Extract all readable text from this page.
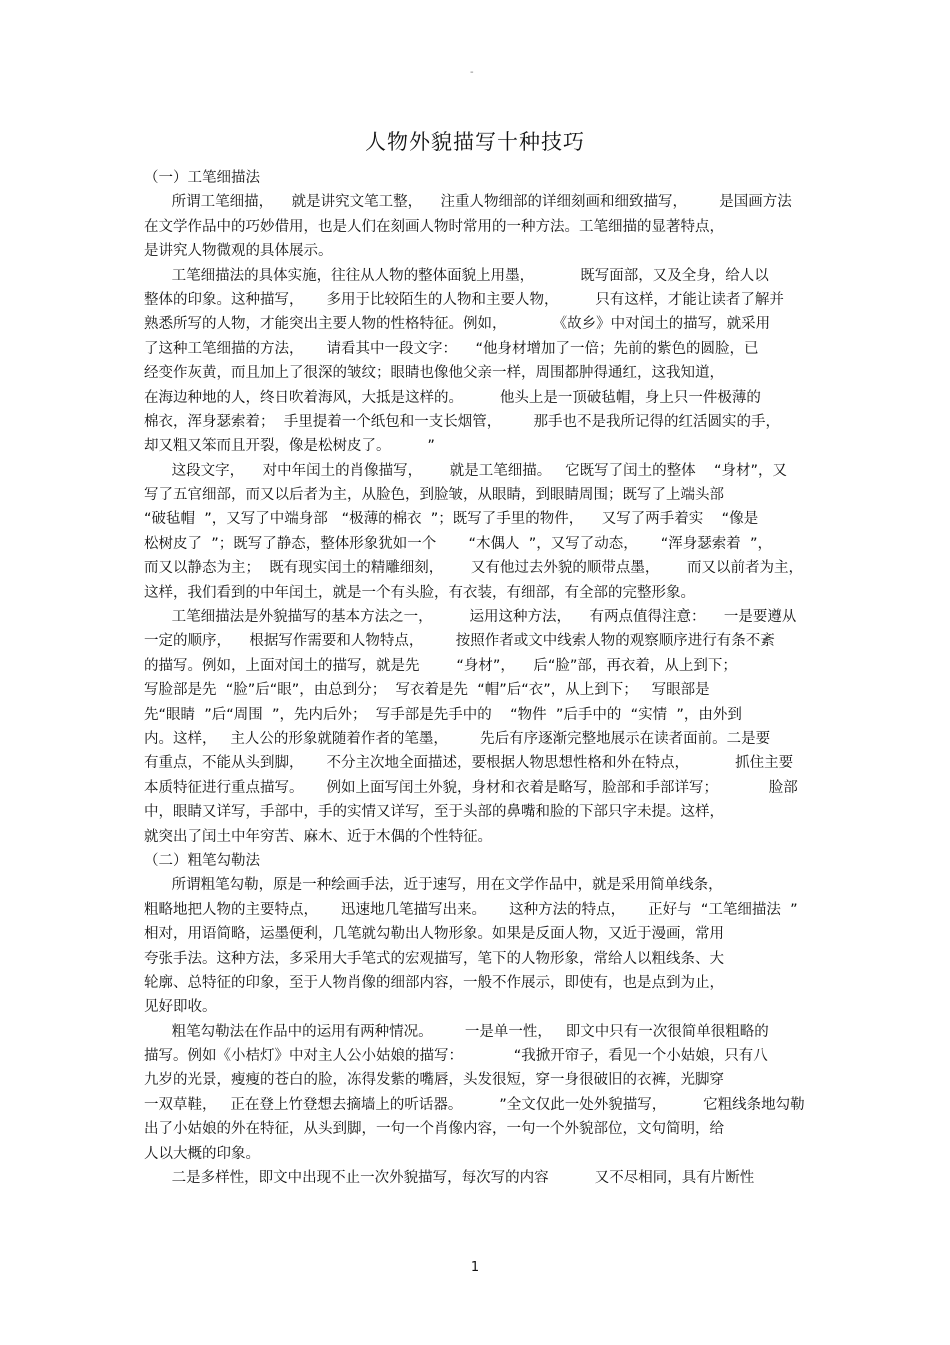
-
人物外貌描写十种技巧
（一）工笔细描法
所谓工笔细描，    就是讲究文笔工整，    注重人物细部的详细刻画和细致描写，       是国画方法
在文学作品中的巧妙借用，也是人们在刻画人物时常用的一种方法。工笔细描的显著特点，
是讲究人物微观的具体展示。
工笔细描法的具体实施，往往从人物的整体面貌上用墨，          既写面部，又及全身，给人以
整体的印象。这种描写，     多用于比较陌生的人物和主要人物，        只有这样，才能让读者了解并
熟悉所写的人物，才能突出主要人物的性格特征。例如，          《故乡》中对闰土的描写，就采用
了这种工笔细描的方法，     请看其中一段文字：    “他身材增加了一倍；先前的紫色的圆脸，已
经变作灰黄，而且加上了很深的皱纹；眼睛也像他父亲一样，周围都肿得通红，这我知道，
在海边种地的人，终日吹着海风，大抵是这样的。        他头上是一顶破毡帽，身上只一件极薄的
棉衣，浑身瑟索着；  手里提着一个纸包和一支长烟管，       那手也不是我所记得的红活圆实的手，
却又粗又笨而且开裂，像是松树皮了。        ”
这段文字，    对中年闰土的肖像描写，      就是工笔细描。   它既写了闰土的整体    “身材”，又
写了五官细部，而又以后者为主，从脸色，到脸皱，从眼睛，到眼睛周围；既写了上端头部
“破毡帽  ”，又写了中端身部   “极薄的棉衣  ”；既写了手里的物件，    又写了两手着实    “像是
松树皮了  ”；既写了静态，整体形象犹如一个       “木偶人  ”，又写了动态，     “浑身瑟索着  ”，
而又以静态为主；  既有现实闰土的精雕细刻，      又有他过去外貌的顺带点墨，      而又以前者为主，
这样，我们看到的中年闰土，就是一个有头脸，有衣装，有细部，有全部的完整形象。
工笔细描法是外貌描写的基本方法之一，        运用这种方法，    有两点值得注意：    一是要遵从
一定的顺序，    根据写作需要和人物特点，       按照作者或文中线索人物的观察顺序进行有条不紊
的描写。例如，上面对闰土的描写，就是先        “身材”，    后“脸”部，再衣着，从上到下；
写脸部是先  “脸”后“眼”，由总到分；  写衣着是先  “帽”后“衣”，从上到下；   写眼部是
先“眼睛  ”后“周围  ”，先内后外；  写手部是先手中的    “物件  ”后手中的  “实情  ”，由外到
内。这样，   主人公的形象就随着作者的笔墨，       先后有序逐渐完整地展示在读者面前。二是要
有重点，不能从头到脚，     不分主次地全面描述，要根据人物思想性格和外在特点，          抓住主要
本质特征进行重点描写。     例如上面写闰土外貌，身材和衣着是略写，脸部和手部详写；           脸部
中，眼睛又详写，手部中，手的实情又详写，至于头部的鼻嘴和脸的下部只字未提。这样，
就突出了闰土中年穷苦、麻木、近于木偶的个性特征。
（二）粗笔勾勒法
所谓粗笔勾勒，原是一种绘画手法，近于速写，用在文学作品中，就是采用简单线条，
粗略地把人物的主要特点，     迅速地几笔描写出来。     这种方法的特点，     正好与  “工笔细描法  ”
相对，用语简略，运墨便利，几笔就勾勒出人物形象。如果是反面人物，又近于漫画，常用
夸张手法。这种方法，多采用大手笔式的宏观描写，笔下的人物形象，常给人以粗线条、大
轮廓、总特征的印象，至于人物肖像的细部内容，一般不作展示，即使有，也是点到为止，
见好即收。
粗笔勾勒法在作品中的运用有两种情况。       一是单一性，   即文中只有一次很简单很粗略的
描写。例如《小桔灯》中对主人公小姑娘的描写：           “我掀开帘子，看见一个小姑娘，只有八
九岁的光景，瘦瘦的苍白的脸，冻得发紫的嘴唇，头发很短，穿一身很破旧的衣裤，光脚穿
一双草鞋，   正在登上竹登想去摘墙上的听话器。        ”全文仅此一处外貌描写，        它粗线条地勾勒
出了小姑娘的外在特征，从头到脚，一句一个肖像内容，一句一个外貌部位，文句简明，给
人以大概的印象。
二是多样性，即文中出现不止一次外貌描写，每次写的内容          又不尽相同，具有片断性
1
